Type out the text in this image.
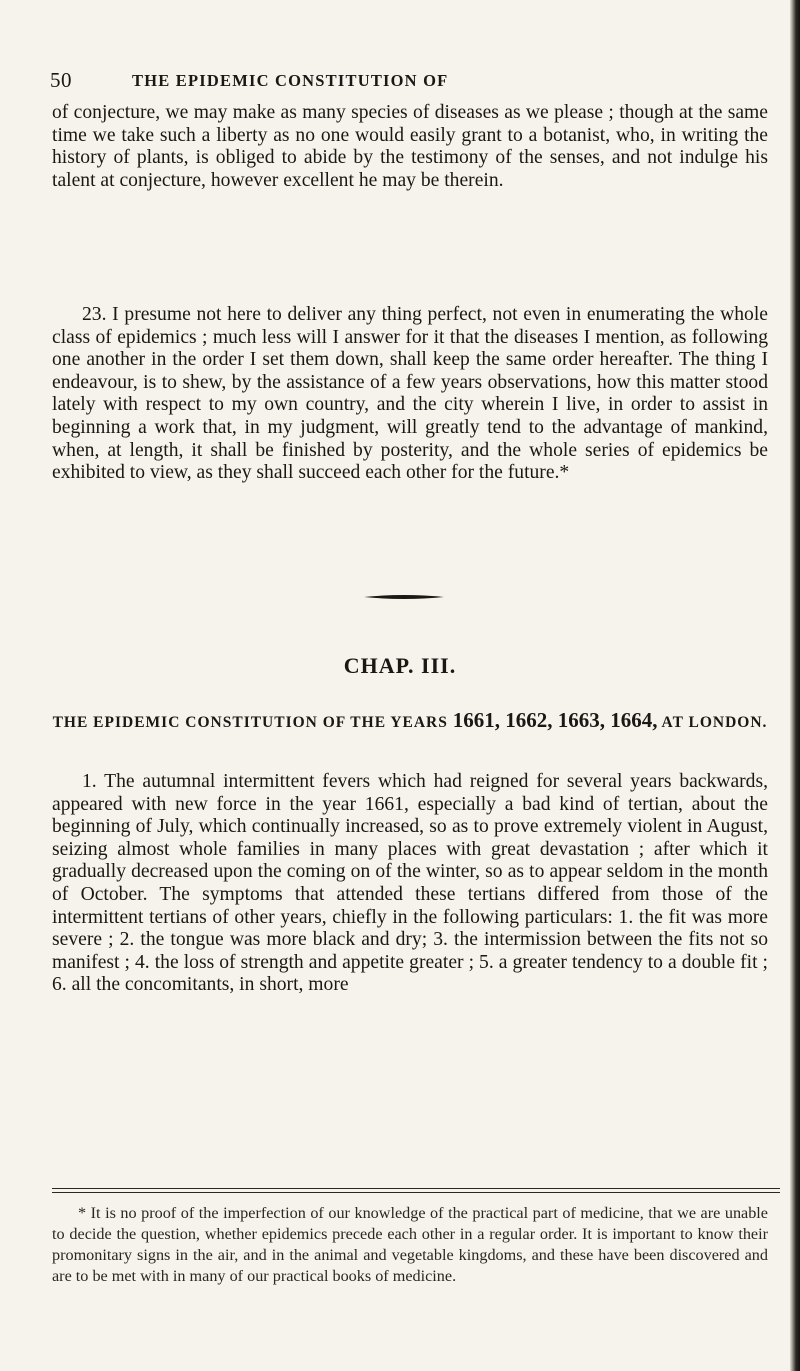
50	THE EPIDEMIC CONSTITUTION OF

of conjecture, we may make as many species of diseases as we please ; though at the same time we take such a liberty as no one would easily grant to a botanist, who, in writing the history of plants, is obliged to abide by the testimony of the senses, and not indulge his talent at conjecture, however excellent he may be therein.

23. I presume not here to deliver any thing perfect, not even in enumerating the whole class of epidemics ; much less will I answer for it that the diseases I mention, as following one another in the order I set them down, shall keep the same order hereafter. The thing I endeavour, is to shew, by the assistance of a few years observations, how this matter stood lately with respect to my own country, and the city wherein I live, in order to assist in beginning a work that, in my judgment, will greatly tend to the advantage of mankind, when, at length, it shall be finished by posterity, and the whole series of epidemics be exhibited to view, as they shall succeed each other for the future.*

CHAP. III.
THE EPIDEMIC CONSTITUTION OF THE YEARS 1661, 1662, 1663, 1664, AT LONDON.

1. The autumnal intermittent fevers which had reigned for several years backwards, appeared with new force in the year 1661, especially a bad kind of tertian, about the beginning of July, which continually increased, so as to prove extremely violent in August, seizing almost whole families in many places with great devastation ; after which it gradually decreased upon the coming on of the winter, so as to appear seldom in the month of October. The symptoms that attended these tertians differed from those of the intermittent tertians of other years, chiefly in the following particulars: 1. the fit was more severe ; 2. the tongue was more black and dry; 3. the intermission between the fits not so manifest ; 4. the loss of strength and appetite greater ; 5. a greater tendency to a double fit ; 6. all the concomitants, in short, more

* It is no proof of the imperfection of our knowledge of the practical part of medicine, that we are unable to decide the question, whether epidemics precede each other in a regular order. It is important to know their promonitary signs in the air, and in the animal and vegetable kingdoms, and these have been discovered and are to be met with in many of our practical books of medicine.
